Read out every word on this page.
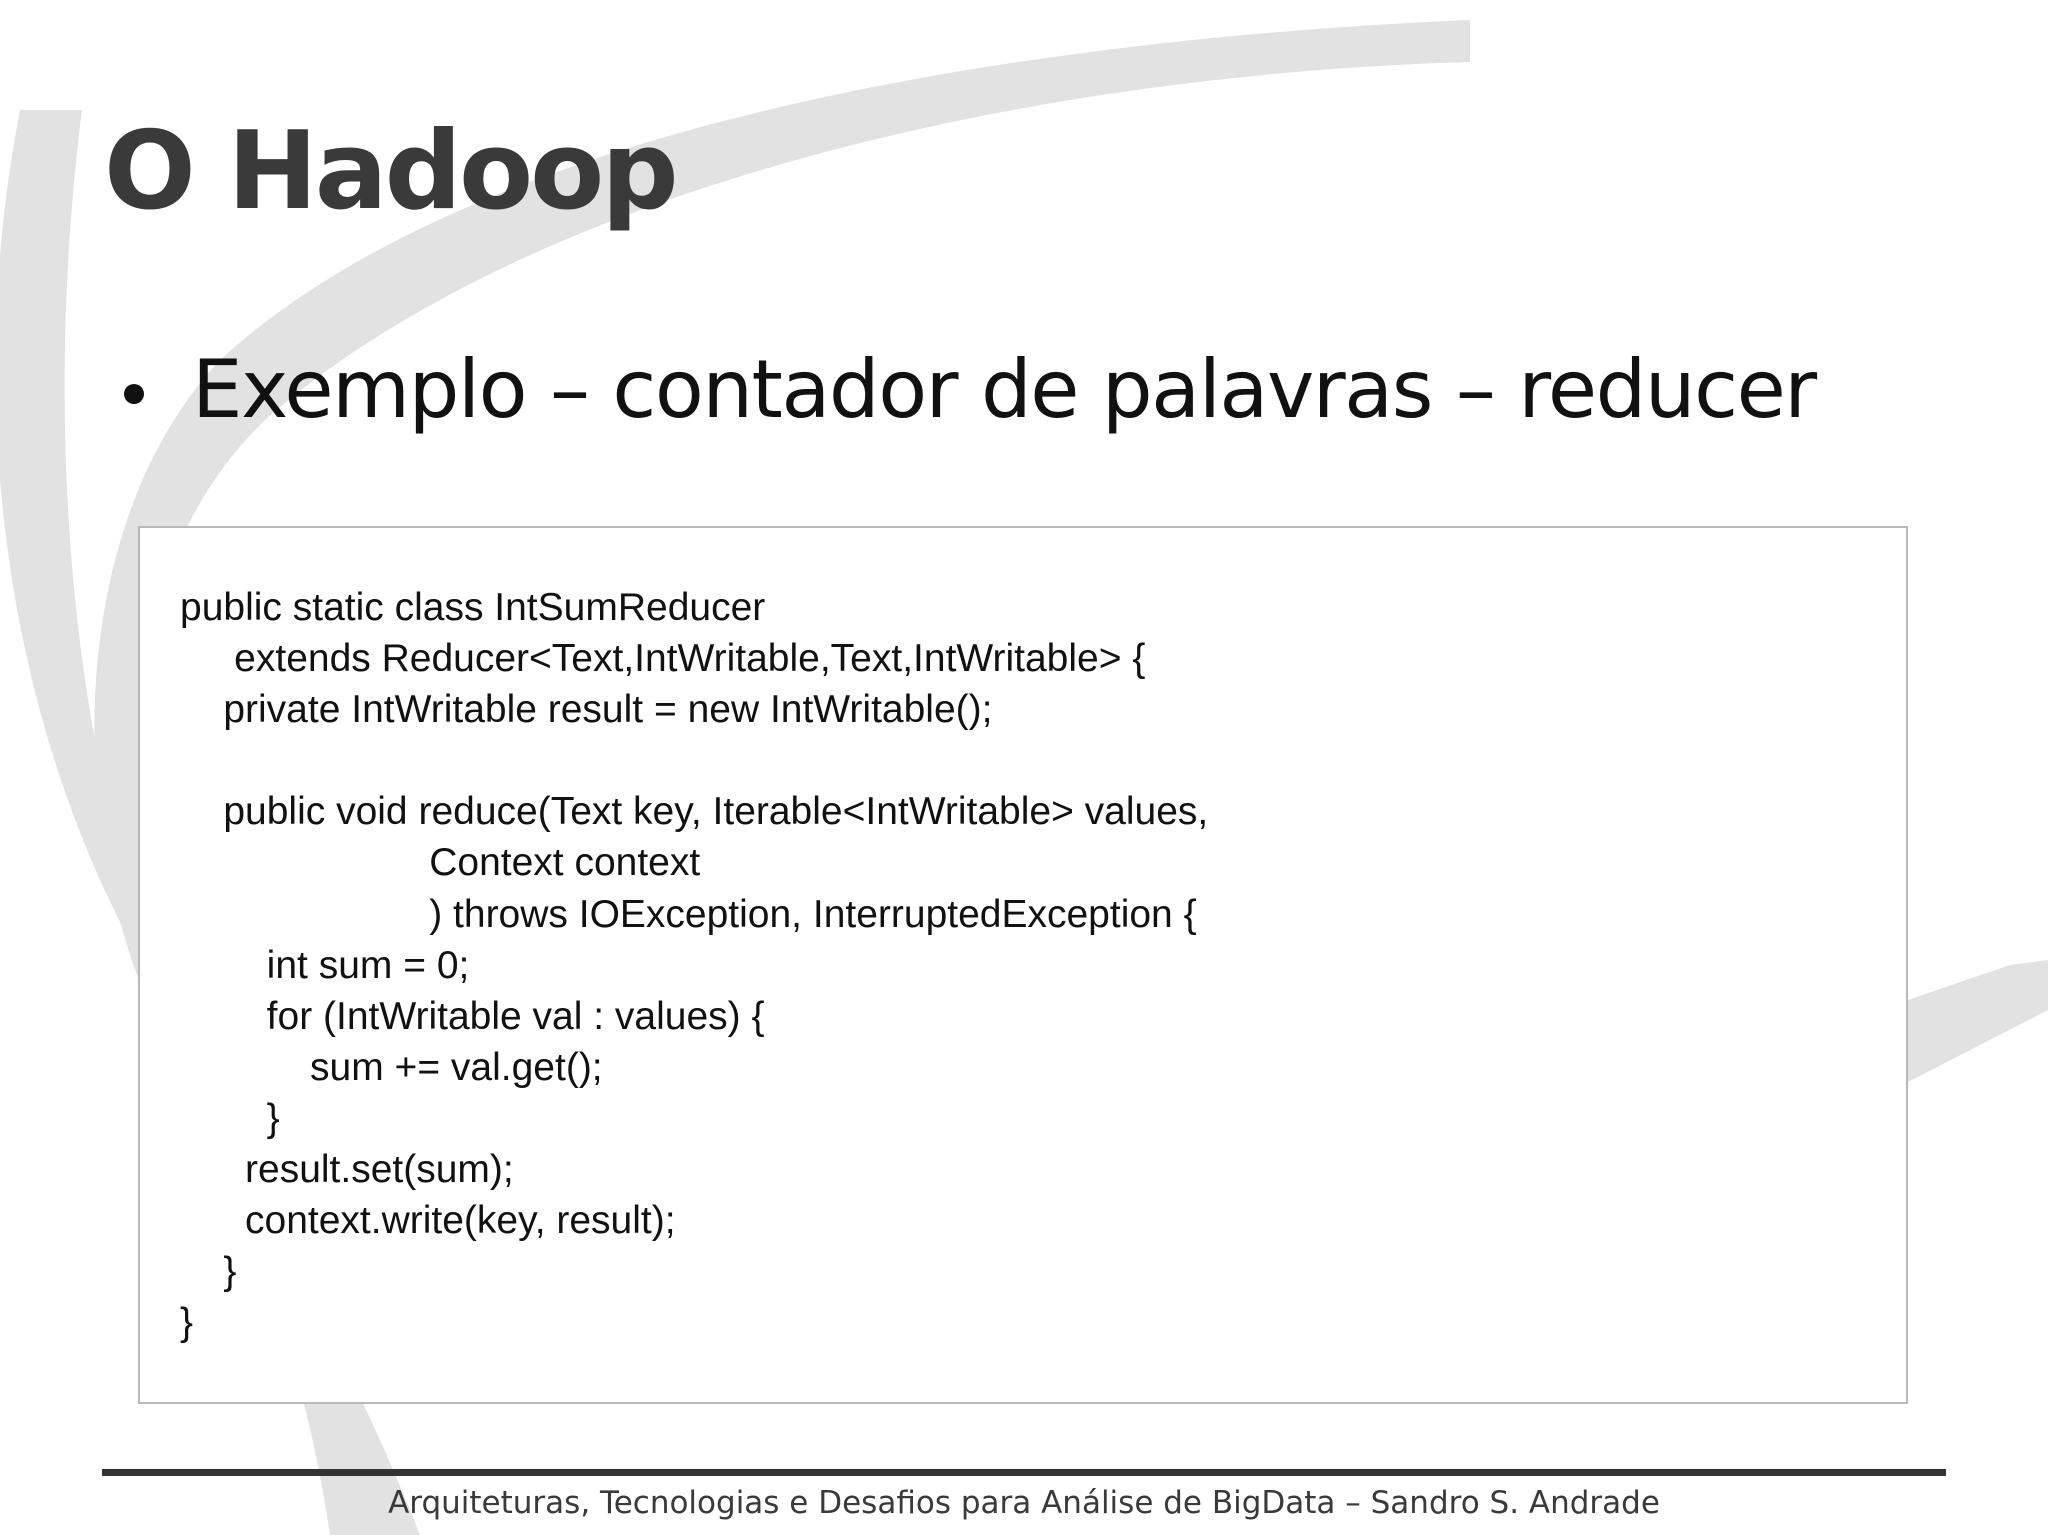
O Hadoop
Exemplo – contador de palavras – reducer
public static class IntSumReducer
extends Reducer<Text,IntWritable,Text,IntWritable> {
private IntWritable result = new IntWritable();
public void reduce(Text key, Iterable<IntWritable> values,
Context context
) throws IOException, InterruptedException {
int sum = 0;
for (IntWritable val : values) {
sum += val.get();
}
result.set(sum);
context.write(key, result);
}
}
Arquiteturas, Tecnologias e Desafios para Análise de BigData – Sandro S. Andrade
